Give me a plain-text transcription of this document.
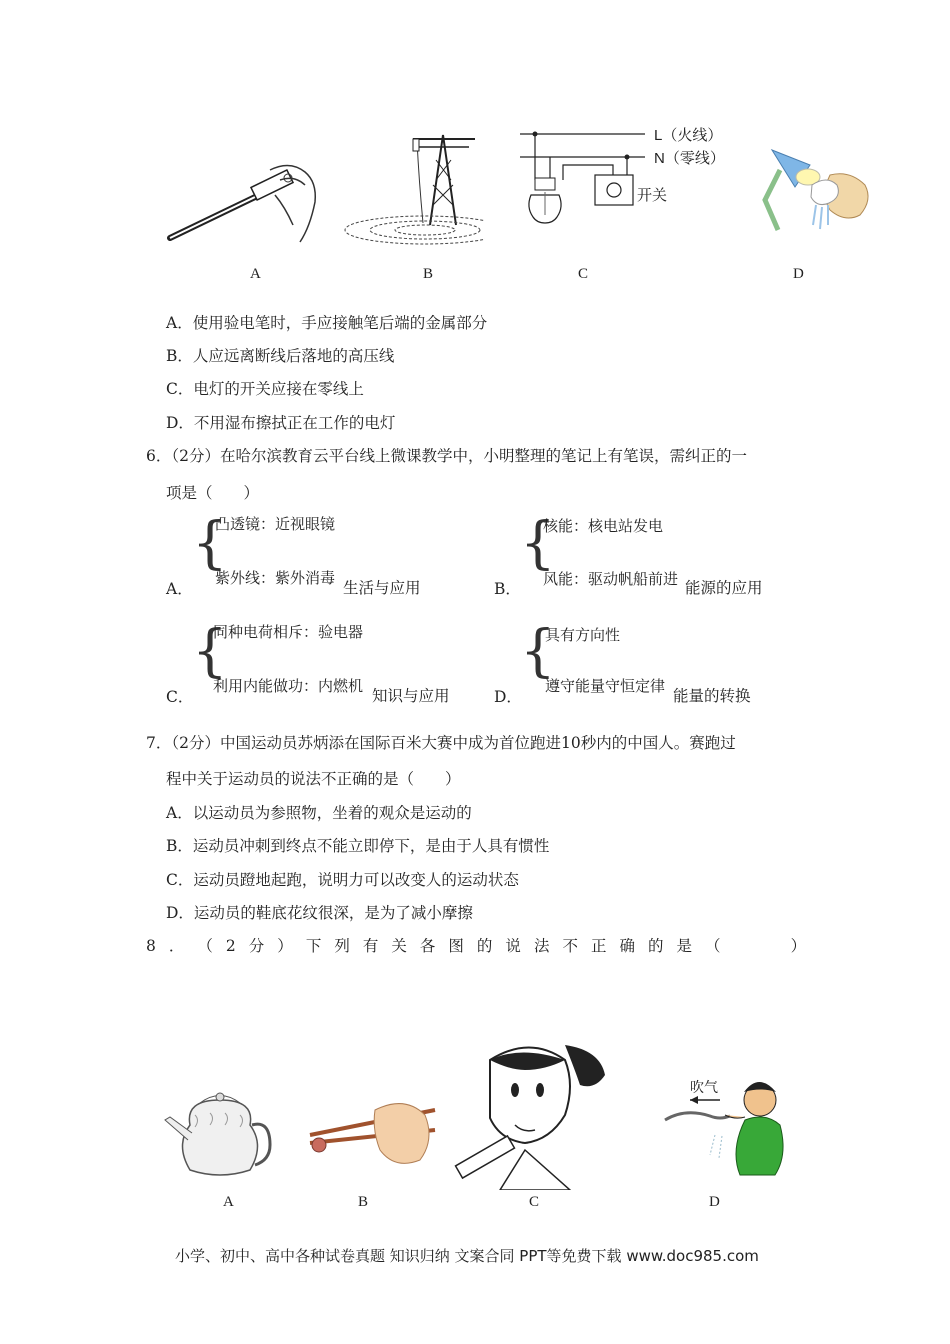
A	B
L（火线）
N（零线）
开关
C	D
A．使用验电笔时，手应接触笔后端的金属部分
B．人应远离断线后落地的高压线
C．电灯的开关应接在零线上
D．不用湿布擦拭正在工作的电灯
6．（2分）在哈尔滨教育云平台线上微课教学中，小明整理的笔记上有笔误，需纠正的一
项是（　　）
A．
{
凸透镜：近视眼镜
紫外线：紫外消毒
生活与应用	B．
{
核能：核电站发电
风能：驱动帆船前进 能源的应用
C．
{
同种电荷相斥：验电器
利用内能做功：内燃机
知识与应用	D．
{
具有方向性
遵守能量守恒定律
能量的转换
7．（2分）中国运动员苏炳添在国际百米大赛中成为首位跑进10秒内的中国人。赛跑过
程中关于运动员的说法不正确的是（　　）
A．以运动员为参照物，坐着的观众是运动的
B．运动员冲刺到终点不能立即停下，是由于人具有惯性
C．运动员蹬地起跑，说明力可以改变人的运动状态
D．运动员的鞋底花纹很深，是为了减小摩擦
8 ． （ 2 分 ） 下 列 有 关 各 图 的 说 法 不 正 确 的 是 （　　	）
A	B	C
吹气
D
小学、初中、高中各种试卷真题 知识归纳 文案合同 PPT等免费下载 www.doc985.com
